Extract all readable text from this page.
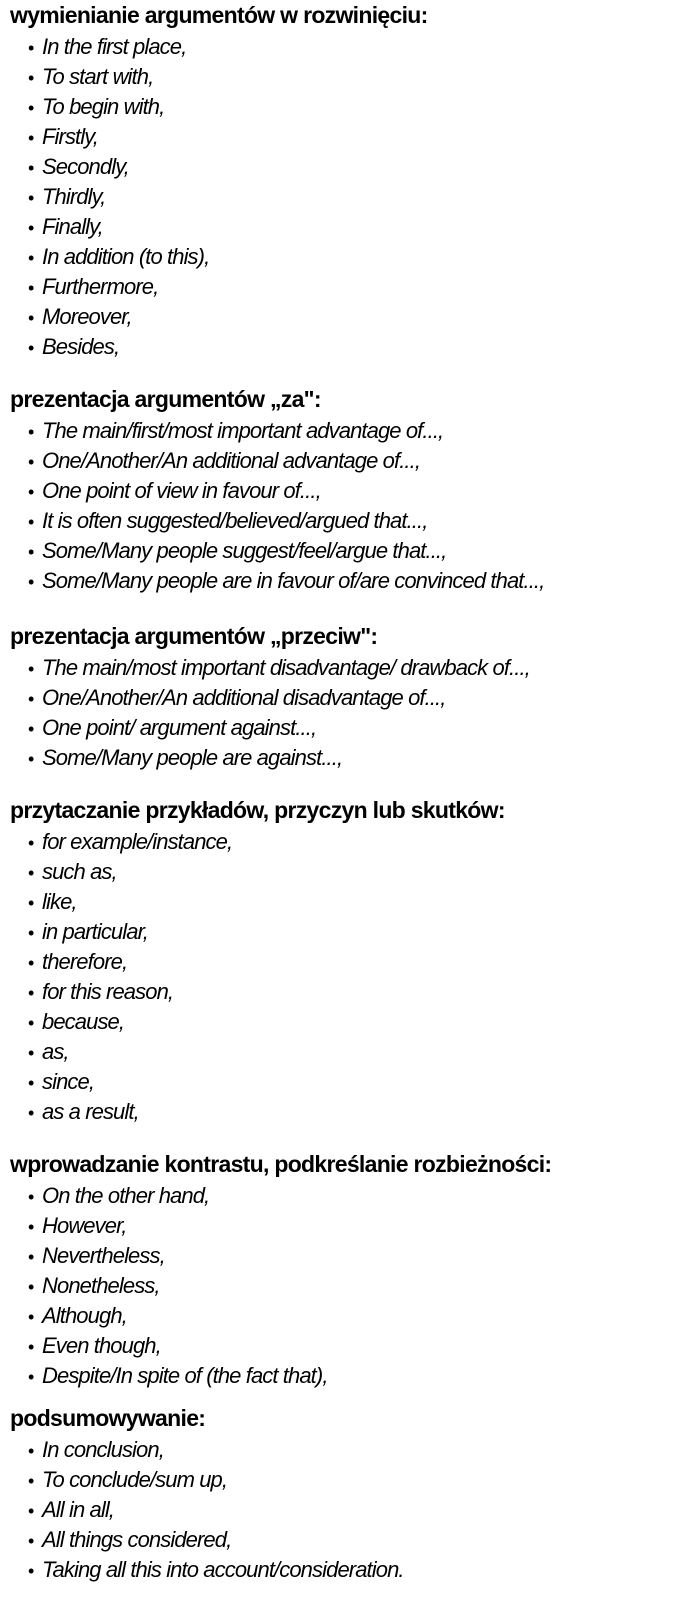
wymienianie argumentów w rozwinięciu:
• In the first place,
• To start with,
• To begin with,
• Firstly,
• Secondly,
• Thirdly,
• Finally,
• In addition (to this),
• Furthermore,
• Moreover,
• Besides,
prezentacja argumentów „za":
• The main/first/most important advantage of...,
• One/Another/An additional advantage of...,
• One point of view in favour of...,
• It is often suggested/believed/argued that...,
• Some/Many people suggest/feel/argue that...,
• Some/Many people are in favour of/are convinced that...,
prezentacja argumentów „przeciw":
• The main/most important disadvantage/ drawback of...,
• One/Another/An additional disadvantage of...,
• One point/ argument against...,
• Some/Many people are against...,
przytaczanie przykładów, przyczyn lub skutków:
• for example/instance,
• such as,
• like,
• in particular,
• therefore,
• for this reason,
• because,
• as,
• since,
• as a result,
wprowadzanie kontrastu, podkreślanie rozbieżności:
• On the other hand,
• However,
• Nevertheless,
• Nonetheless,
• Although,
• Even though,
• Despite/In spite of (the fact that),
podsumowywanie:
• In conclusion,
• To conclude/sum up,
• All in all,
• All things considered,
• Taking all this into account/consideration.
